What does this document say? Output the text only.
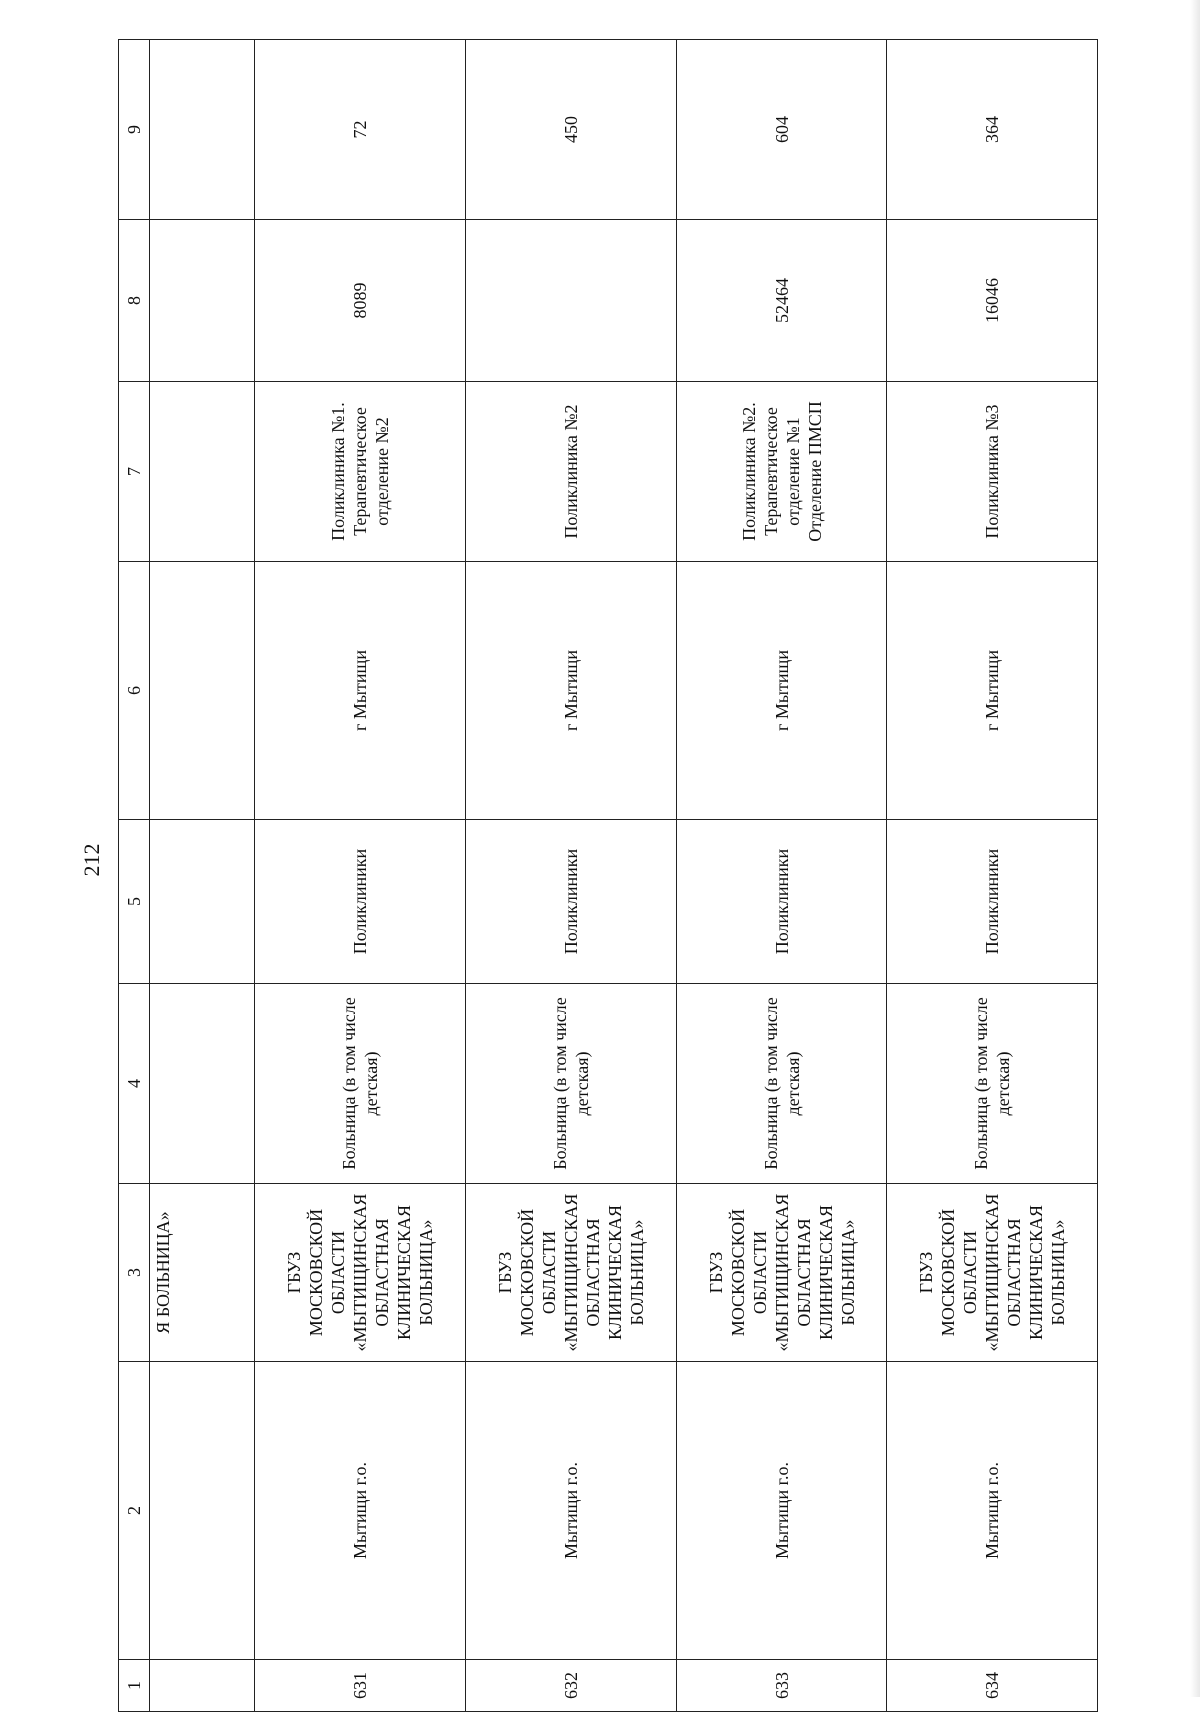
212
1	2	3	4	5	6	7	8	9
		Я БОЛЬНИЦА»						
631	Мытищи г.о.	ГБУЗ МОСКОВСКОЙ ОБЛАСТИ «МЫТИЩИНСКАЯ ОБЛАСТНАЯ КЛИНИЧЕСКАЯ БОЛЬНИЦА»	Больница (в том числе детская)	Поликлиники	г Мытищи	Поликлиника №1. Терапевтическое отделение №2	8089	72
632	Мытищи г.о.	ГБУЗ МОСКОВСКОЙ ОБЛАСТИ «МЫТИЩИНСКАЯ ОБЛАСТНАЯ КЛИНИЧЕСКАЯ БОЛЬНИЦА»	Больница (в том числе детская)	Поликлиники	г Мытищи	Поликлиника №2		450
633	Мытищи г.о.	ГБУЗ МОСКОВСКОЙ ОБЛАСТИ «МЫТИЩИНСКАЯ ОБЛАСТНАЯ КЛИНИЧЕСКАЯ БОЛЬНИЦА»	Больница (в том числе детская)	Поликлиники	г Мытищи	Поликлиника №2. Терапевтическое отделение №1 Отделение ПМСП	52464	604
634	Мытищи г.о.	ГБУЗ МОСКОВСКОЙ ОБЛАСТИ «МЫТИЩИНСКАЯ ОБЛАСТНАЯ КЛИНИЧЕСКАЯ БОЛЬНИЦА»	Больница (в том числе детская)	Поликлиники	г Мытищи	Поликлиника №3	16046	364
